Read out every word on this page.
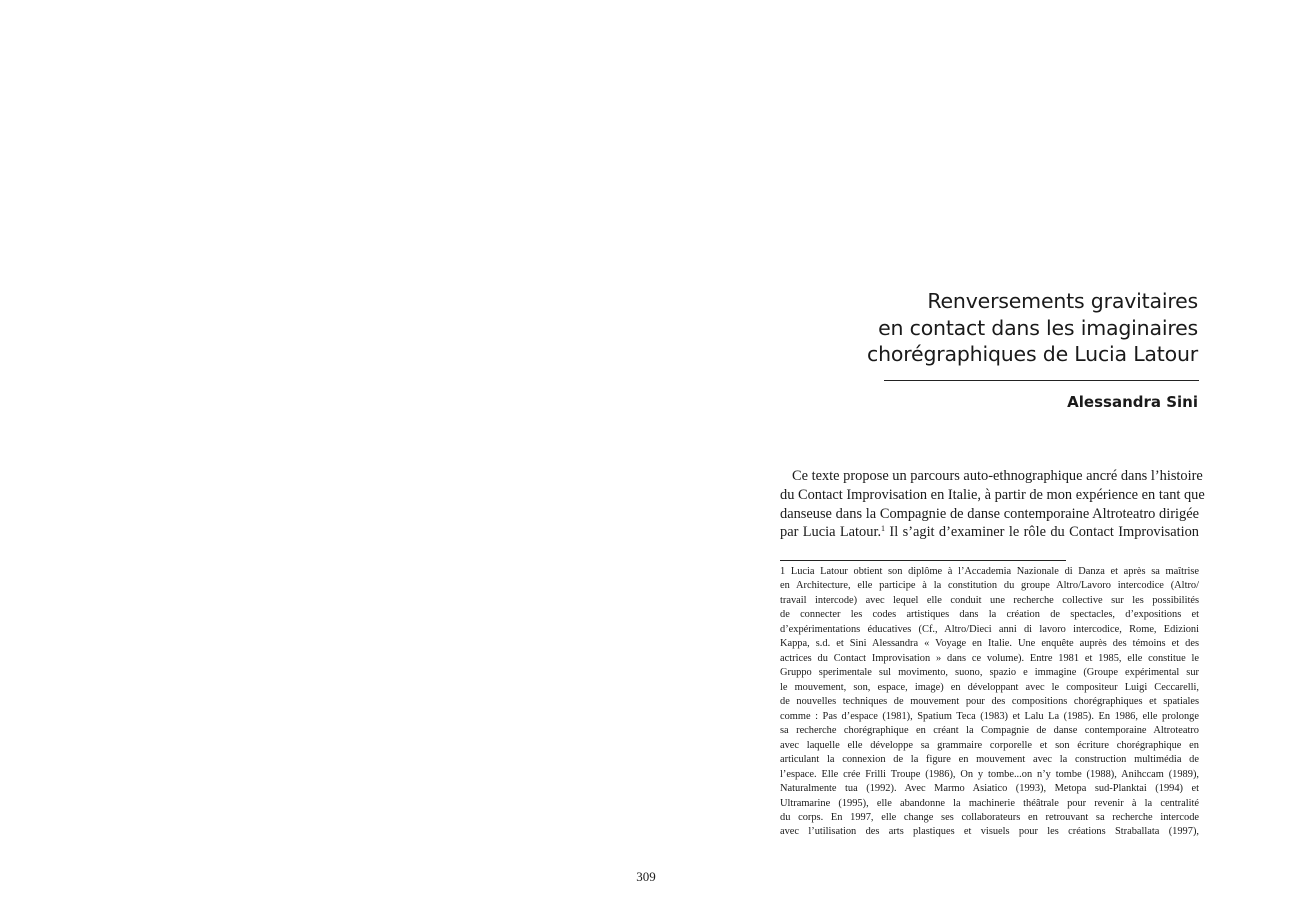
Renversements gravitaires
en contact dans les imaginaires
chorégraphiques de Lucia Latour
Alessandra Sini
Ce texte propose un parcours auto-ethnographique ancré dans l’histoire
du Contact Improvisation en Italie, à partir de mon expérience en tant que
danseuse dans la Compagnie de danse contemporaine Altroteatro dirigée
par Lucia Latour.$^1$ Il s’agit d’examiner le rôle du Contact Improvisation
1 Lucia Latour obtient son diplôme à l’Accademia Nazionale di Danza et après sa maîtrise
en Architecture, elle participe à la constitution du groupe Altro/Lavoro intercodice (Altro/
travail intercode) avec lequel elle conduit une recherche collective sur les possibilités
de connecter les codes artistiques dans la création de spectacles, d’expositions et
d’expérimentations éducatives (Cf., Altro/Dieci anni di lavoro intercodice, Rome, Edizioni
Kappa, s.d. et Sini Alessandra « Voyage en Italie. Une enquête auprès des témoins et des
actrices du Contact Improvisation » dans ce volume). Entre 1981 et 1985, elle constitue le
Gruppo sperimentale sul movimento, suono, spazio e immagine (Groupe expérimental sur
le mouvement, son, espace, image) en développant avec le compositeur Luigi Ceccarelli,
de nouvelles techniques de mouvement pour des compositions chorégraphiques et spatiales
comme : Pas d’espace (1981), Spatium Teca (1983) et Lalu La (1985). En 1986, elle prolonge
sa recherche chorégraphique en créant la Compagnie de danse contemporaine Altroteatro
avec laquelle elle développe sa grammaire corporelle et son écriture chorégraphique en
articulant la connexion de la figure en mouvement avec la construction multimédia de
l’espace. Elle crée Frilli Troupe (1986), On y tombe...on n’y tombe (1988), Anihccam (1989),
Naturalmente tua (1992). Avec Marmo Asiatico (1993), Metopa sud-Planktai (1994) et
Ultramarine (1995), elle abandonne la machinerie théâtrale pour revenir à la centralité
du corps. En 1997, elle change ses collaborateurs en retrouvant sa recherche intercode
avec l’utilisation des arts plastiques et visuels pour les créations Straballata (1997),
309
